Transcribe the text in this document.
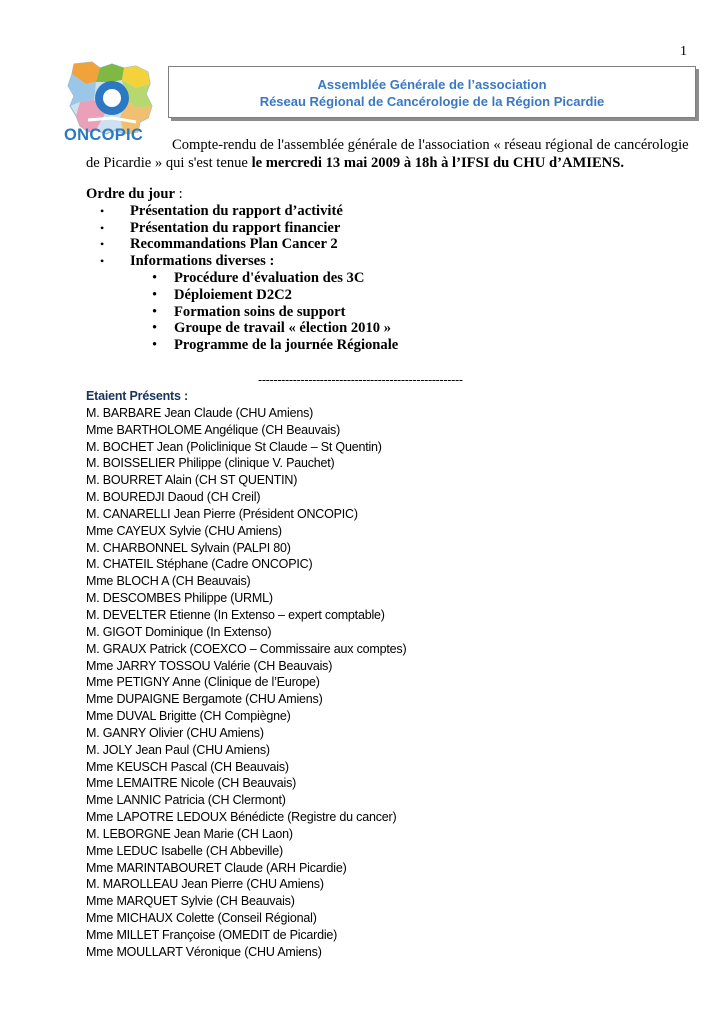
1
ONCOPIC
Assemblée Générale de l’association
Réseau Régional de Cancérologie de la Région Picardie
Compte-rendu de l'assemblée générale de l'association « réseau régional de cancérologie
de Picardie » qui s'est tenue le mercredi 13 mai 2009 à 18h à l’IFSI du CHU d’AMIENS.
Ordre du jour :
• Présentation du rapport d’activité
• Présentation du rapport financier
• Recommandations Plan Cancer 2
• Informations diverses :
• Procédure d'évaluation des 3C
• Déploiement D2C2
• Formation soins de support
• Groupe de travail « élection 2010 »
• Programme de la journée Régionale
-----------------------------------------------------
Etaient Présents :
M. BARBARE Jean Claude (CHU Amiens)
Mme BARTHOLOME Angélique (CH Beauvais)
M. BOCHET Jean (Policlinique St Claude – St Quentin)
M. BOISSELIER Philippe (clinique V. Pauchet)
M. BOURRET Alain (CH ST QUENTIN)
M. BOUREDJI Daoud (CH Creil)
M. CANARELLI Jean Pierre (Président ONCOPIC)
Mme CAYEUX Sylvie (CHU Amiens)
M. CHARBONNEL Sylvain (PALPI 80)
M. CHATEIL Stéphane (Cadre ONCOPIC)
Mme BLOCH A (CH Beauvais)
M. DESCOMBES Philippe (URML)
M. DEVELTER Etienne (In Extenso – expert comptable)
M. GIGOT Dominique (In Extenso)
M. GRAUX Patrick (COEXCO – Commissaire aux comptes)
Mme JARRY TOSSOU Valérie (CH Beauvais)
Mme PETIGNY Anne (Clinique de l’Europe)
Mme DUPAIGNE Bergamote (CHU Amiens)
Mme DUVAL Brigitte (CH Compiègne)
M. GANRY Olivier (CHU Amiens)
M. JOLY Jean Paul (CHU Amiens)
Mme KEUSCH Pascal (CH Beauvais)
Mme LEMAITRE Nicole (CH Beauvais)
Mme LANNIC Patricia (CH Clermont)
Mme LAPOTRE LEDOUX Bénédicte (Registre du cancer)
M. LEBORGNE Jean Marie (CH Laon)
Mme LEDUC Isabelle (CH Abbeville)
Mme MARINTABOURET Claude (ARH Picardie)
M. MAROLLEAU Jean Pierre (CHU Amiens)
Mme MARQUET Sylvie (CH Beauvais)
Mme MICHAUX Colette (Conseil Régional)
Mme MILLET Françoise (OMEDIT de Picardie)
Mme MOULLART Véronique (CHU Amiens)
